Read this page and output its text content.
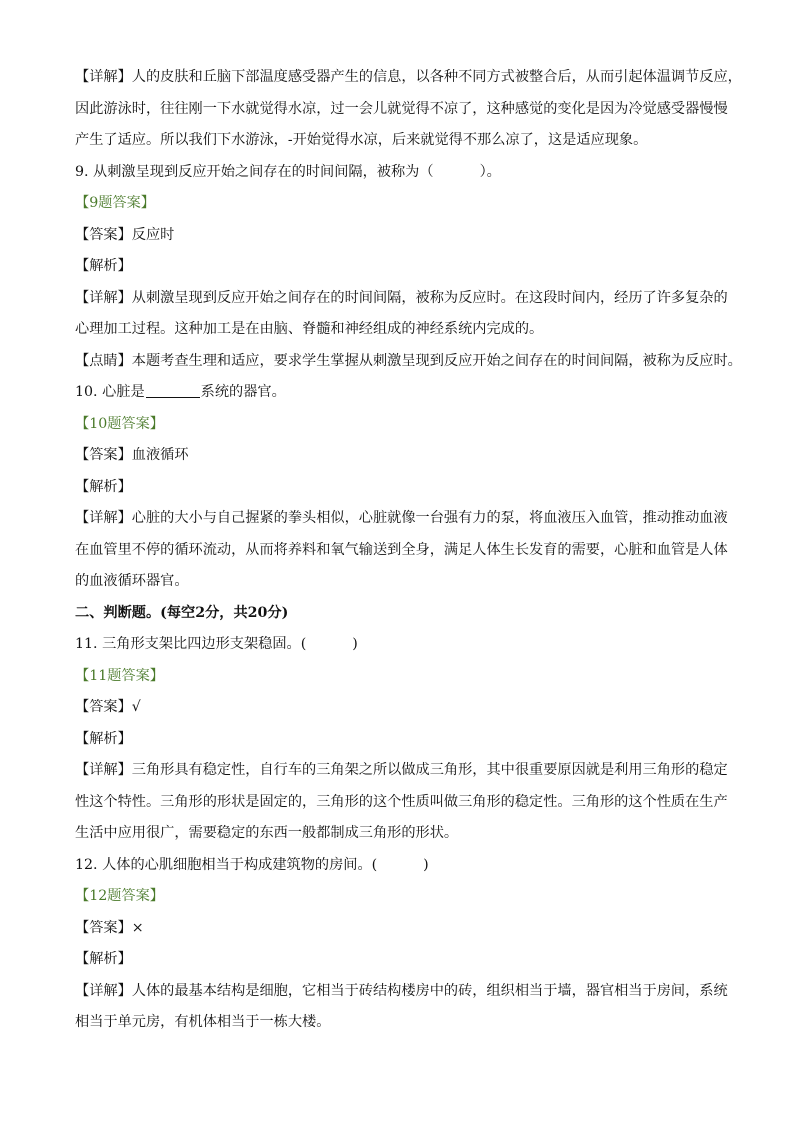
【详解】人的皮肤和丘脑下部温度感受器产生的信息，以各种不同方式被整合后，从而引起体温调节反应，
因此游泳时，往往刚一下水就觉得水凉，过一会儿就觉得不凉了，这种感觉的变化是因为冷觉感受器慢慢
产生了适应。所以我们下水游泳，-开始觉得水凉，后来就觉得不那么凉了，这是适应现象。
9. 从刺激呈现到反应开始之间存在的时间间隔，被称为（	）。
【9题答案】
【答案】反应时
【解析】
【详解】从刺激呈现到反应开始之间存在的时间间隔，被称为反应时。在这段时间内，经历了许多复杂的
心理加工过程。这种加工是在由脑、脊髓和神经组成的神经系统内完成的。
【点睛】本题考查生理和适应，要求学生掌握从刺激呈现到反应开始之间存在的时间间隔，被称为反应时。
10. 心脏是	系统的器官。
【10题答案】
【答案】血液循环
【解析】
【详解】心脏的大小与自己握紧的拳头相似，心脏就像一台强有力的泵，将血液压入血管，推动推动血液
在血管里不停的循环流动，从而将养料和氧气输送到全身，满足人体生长发育的需要，心脏和血管是人体
的血液循环器官。
二、判断题。(每空2分，共20分)
11. 三角形支架比四边形支架稳固。(	)
【11题答案】
【答案】√
【解析】
【详解】三角形具有稳定性，自行车的三角架之所以做成三角形，其中很重要原因就是利用三角形的稳定
性这个特性。三角形的形状是固定的，三角形的这个性质叫做三角形的稳定性。三角形的这个性质在生产
生活中应用很广，需要稳定的东西一般都制成三角形的形状。
12. 人体的心肌细胞相当于构成建筑物的房间。(	)
【12题答案】
【答案】×
【解析】
【详解】人体的最基本结构是细胞，它相当于砖结构楼房中的砖，组织相当于墙，器官相当于房间，系统
相当于单元房，有机体相当于一栋大楼。
